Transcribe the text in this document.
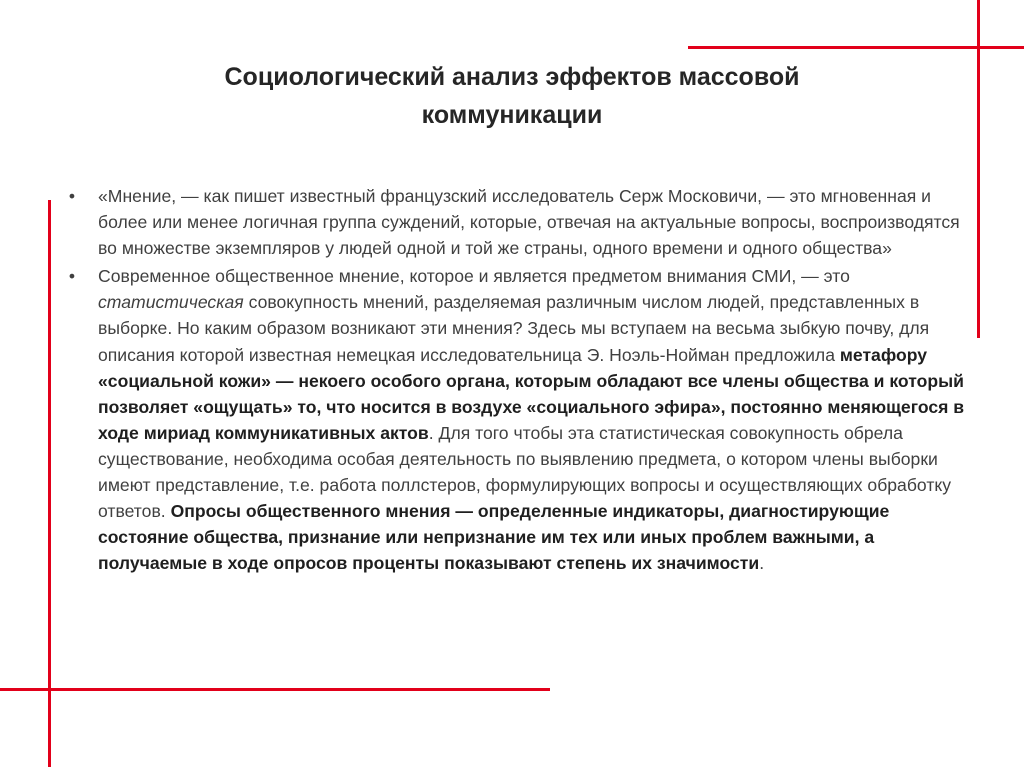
Социологический анализ эффектов массовой
коммуникации
•	«Мнение, — как пишет известный французский исследователь Серж Московичи, — это мгновенная и более или менее логичная группа суждений, которые, отвечая на актуальные вопросы, воспроизводятся во множестве экземпляров у людей одной и той же страны, одного времени и одного общества»
•	Современное общественное мнение, которое и является предметом внимания СМИ, — это статистическая совокупность мнений, разделяемая различным числом людей, представленных в выборке. Но каким образом возникают эти мнения? Здесь мы вступаем на весьма зыбкую почву, для описания которой известная немецкая исследовательница Э. Ноэль-Нойман предложила метафору «социальной кожи» — некоего особого органа, которым обладают все члены общества и который позволяет «ощущать» то, что носится в воздухе «социального эфира», постоянно меняющегося в ходе мириад коммуникативных актов. Для того чтобы эта статистическая совокупность обрела существование, необходима особая деятельность по выявлению предмета, о котором члены выборки имеют представление, т.е. работа поллстеров, формулирующих вопросы и осуществляющих обработку ответов. Опросы общественного мнения — определенные индикаторы, диагностирующие состояние общества, признание или непризнание им тех или иных проблем важными, а получаемые в ходе опросов проценты показывают степень их значимости.
